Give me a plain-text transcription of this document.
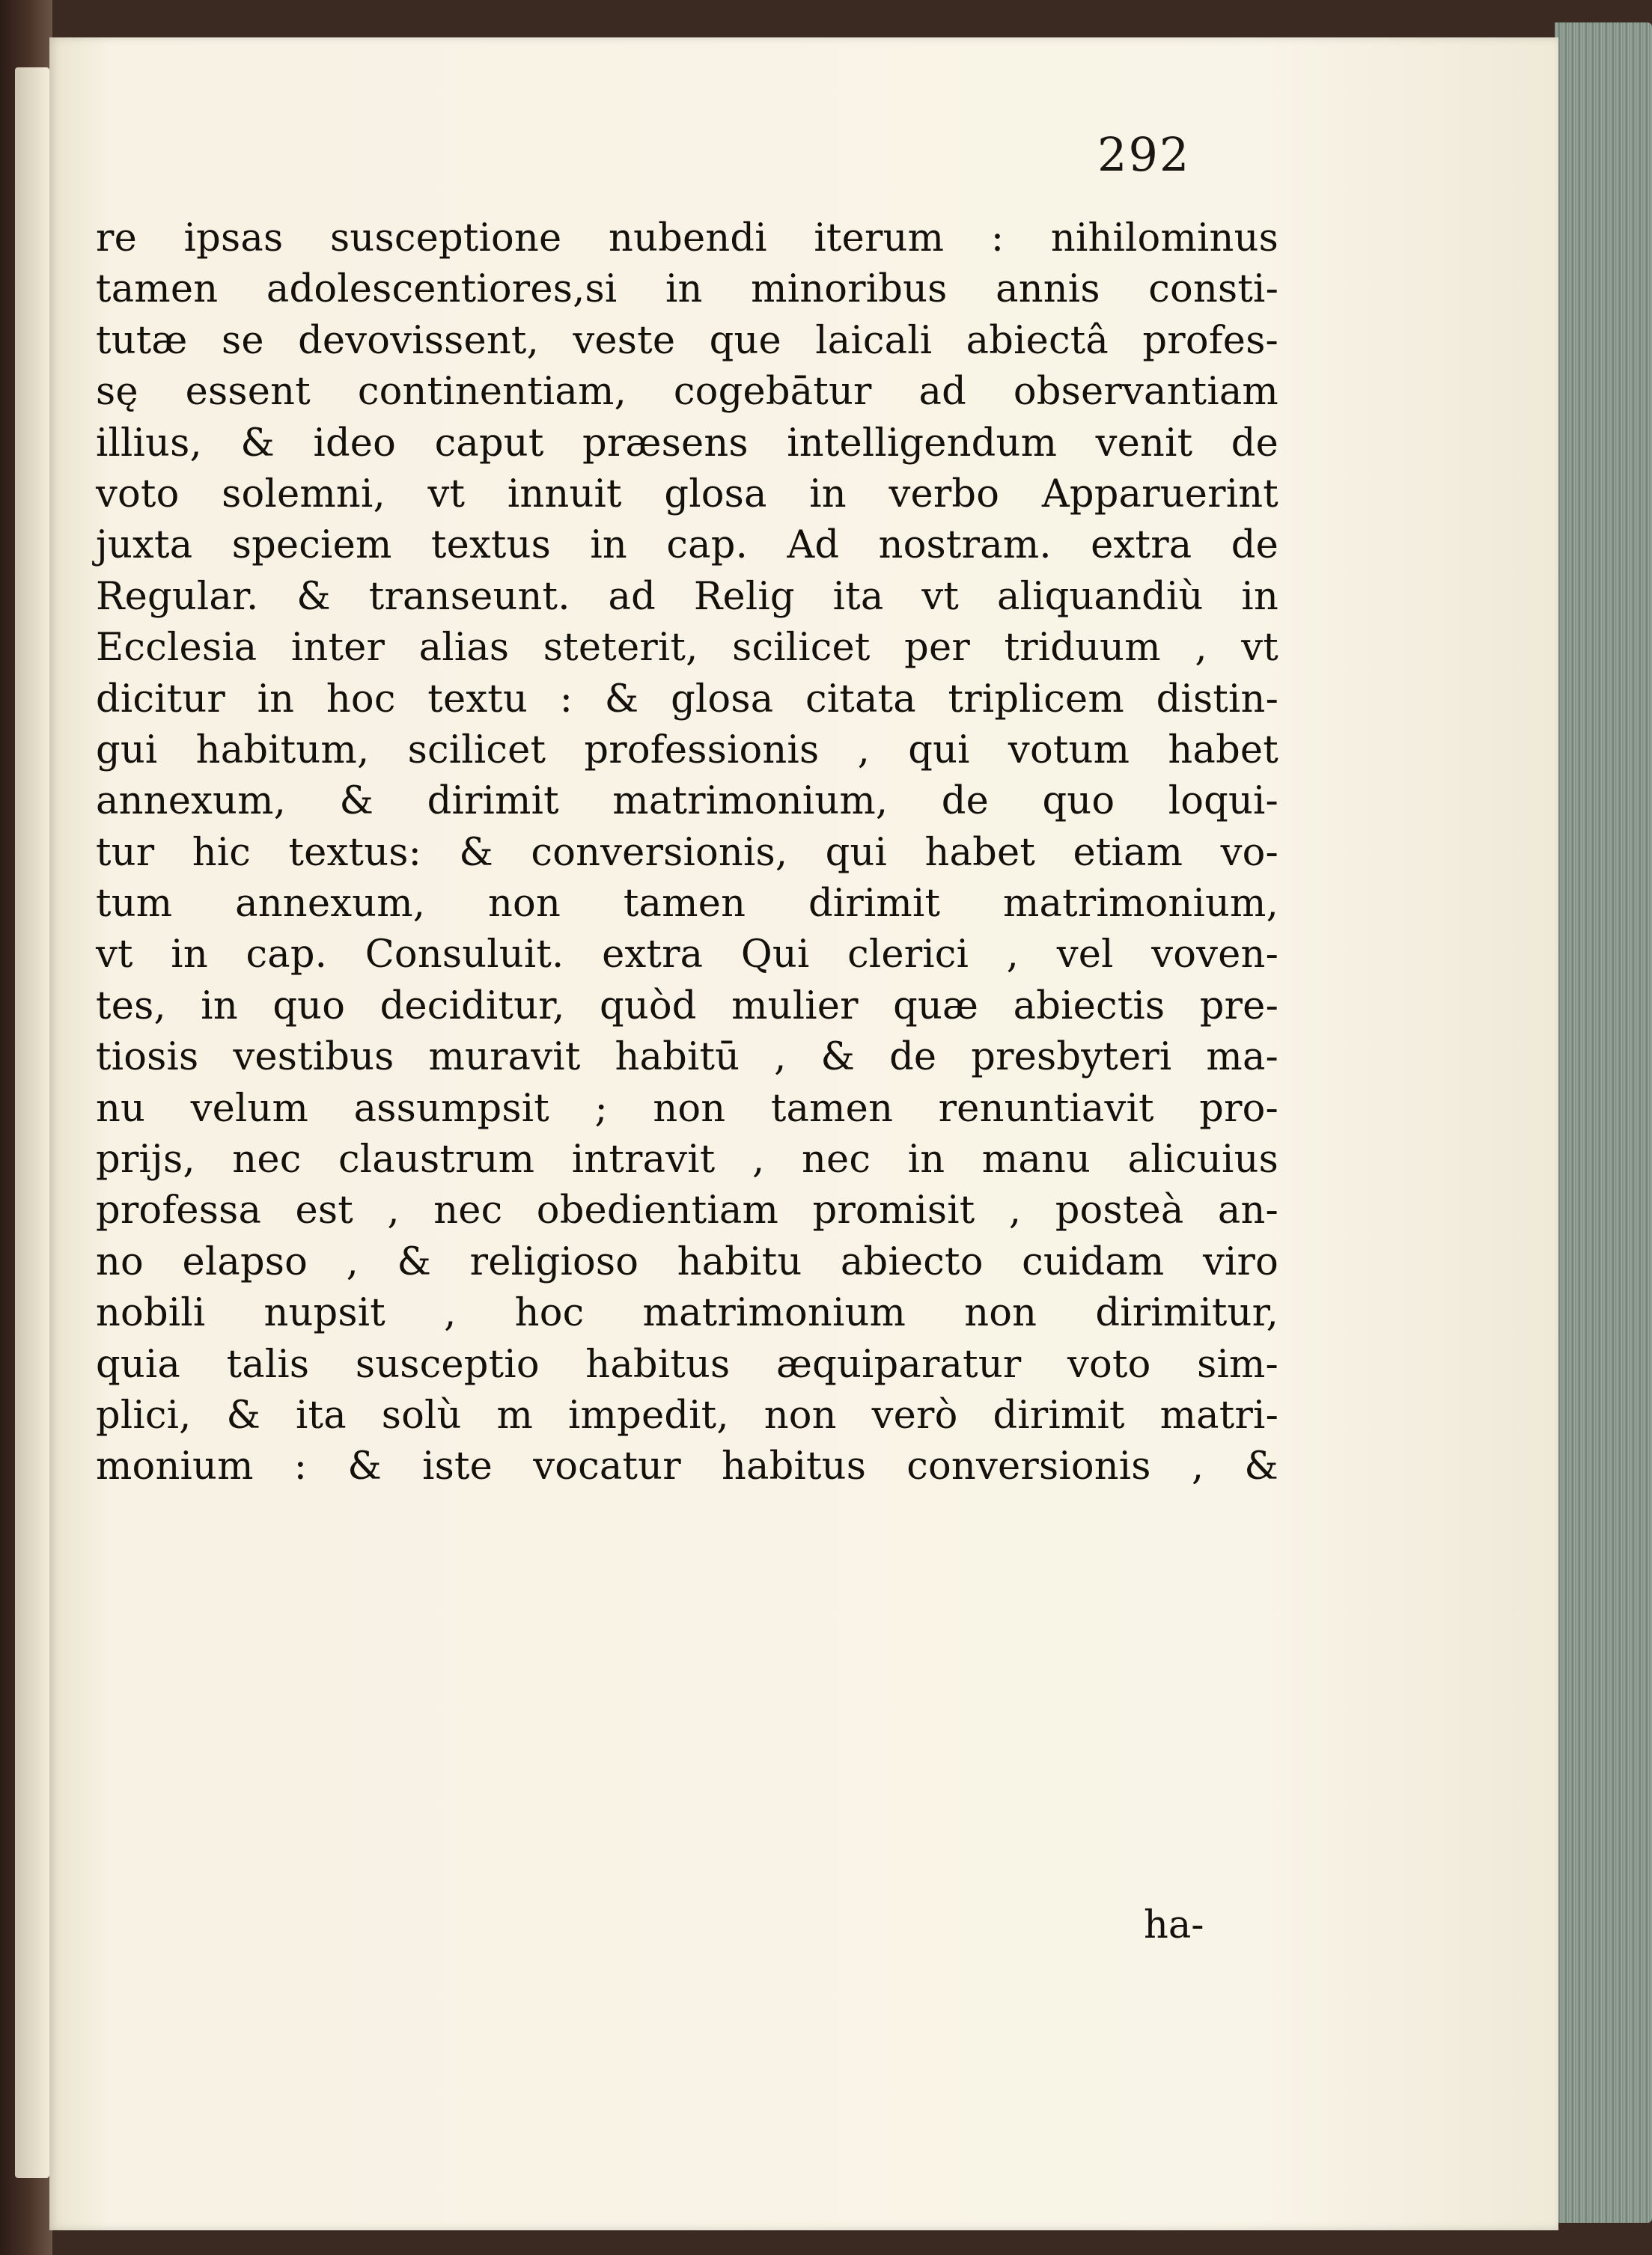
292
re ipsas susceptione nubendi iterum : nihilominus
tamen adolescentiores,si in minoribus annis consti-
tutæ se devovissent, veste que laicali abiectâ profes-
sę essent continentiam, cogebātur ad observantiam
illius, & ideo caput præsens intelligendum venit de
voto solemni, vt innuit glosa in verbo Apparuerint
juxta speciem textus in cap. Ad nostram. extra de
Regular. & transeunt. ad Relig ita vt aliquandiù in
Ecclesia inter alias steterit, scilicet per triduum , vt
dicitur in hoc textu : & glosa citata triplicem distin-
gui habitum, scilicet professionis , qui votum habet
annexum, & dirimit matrimonium, de quo loqui-
tur hic textus: & conversionis, qui habet etiam vo-
tum annexum, non tamen dirimit matrimonium,
vt in cap. Consuluit. extra Qui clerici , vel voven-
tes, in quo deciditur, quòd mulier quæ abiectis pre-
tiosis vestibus muravit habitū , & de presbyteri ma-
nu velum assumpsit ; non tamen renuntiavit pro-
prijs, nec claustrum intravit , nec in manu alicuius
professa est , nec obedientiam promisit , posteà an-
no elapso , & religioso habitu abiecto cuidam viro
nobili nupsit , hoc matrimonium non dirimitur,
quia talis susceptio habitus æquiparatur voto sim-
plici, & ita solù m impedit, non verò dirimit matri-
monium : & iste vocatur habitus conversionis , &
ha-
